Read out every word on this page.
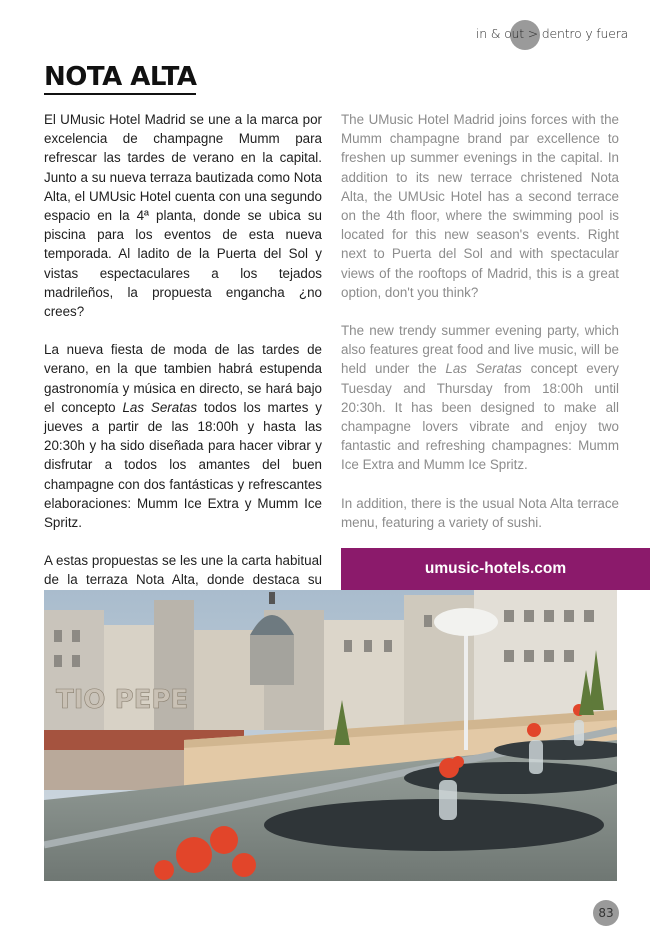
in & out > dentro y fuera
NOTA ALTA

El UMusic Hotel Madrid se une a la marca por excelencia de champagne Mumm para refrescar las tardes de verano en la capital. Junto a su nueva terraza bautizada como Nota Alta, el UMUsic Hotel cuenta con una segundo espacio en la 4ª planta, donde se ubica su piscina para los eventos de esta nueva temporada. Al ladito de la Puerta del Sol y vistas espectaculares a los tejados madrileños, la propuesta engancha ¿no crees?

La nueva fiesta de moda de las tardes de verano, en la que tambien habrá estupenda gastronomía y música en directo, se hará bajo el concepto Las Seratas todos los martes y jueves a partir de las 18:00h y hasta las 20:30h y ha sido diseñada para hacer vibrar y disfrutar a todos los amantes del buen champagne con dos fantásticas y refrescantes elaboraciones: Mumm Ice Extra y Mumm Ice Spritz.

A estas propuestas se les une la carta habitual de la terraza Nota Alta, donde destaca su

The UMusic Hotel Madrid joins forces with the Mumm champagne brand par excellence to freshen up summer evenings in the capital. In addition to its new terrace christened Nota Alta, the UMUsic Hotel has a second terrace on the 4th floor, where the swimming pool is located for this new season's events. Right next to Puerta del Sol and with spectacular views of the rooftops of Madrid, this is a great option, don't you think?

The new trendy summer evening party, which also features great food and live music, will be held under the Las Seratas concept every Tuesday and Thursday from 18:00h until 20:30h. It has been designed to make all champagne lovers vibrate and enjoy two fantastic and refreshing champagnes: Mumm Ice Extra and Mumm Ice Spritz.

In addition, there is the usual Nota Alta terrace menu, featuring a variety of sushi.

umusic-hotels.com
TIO PEPE
83
